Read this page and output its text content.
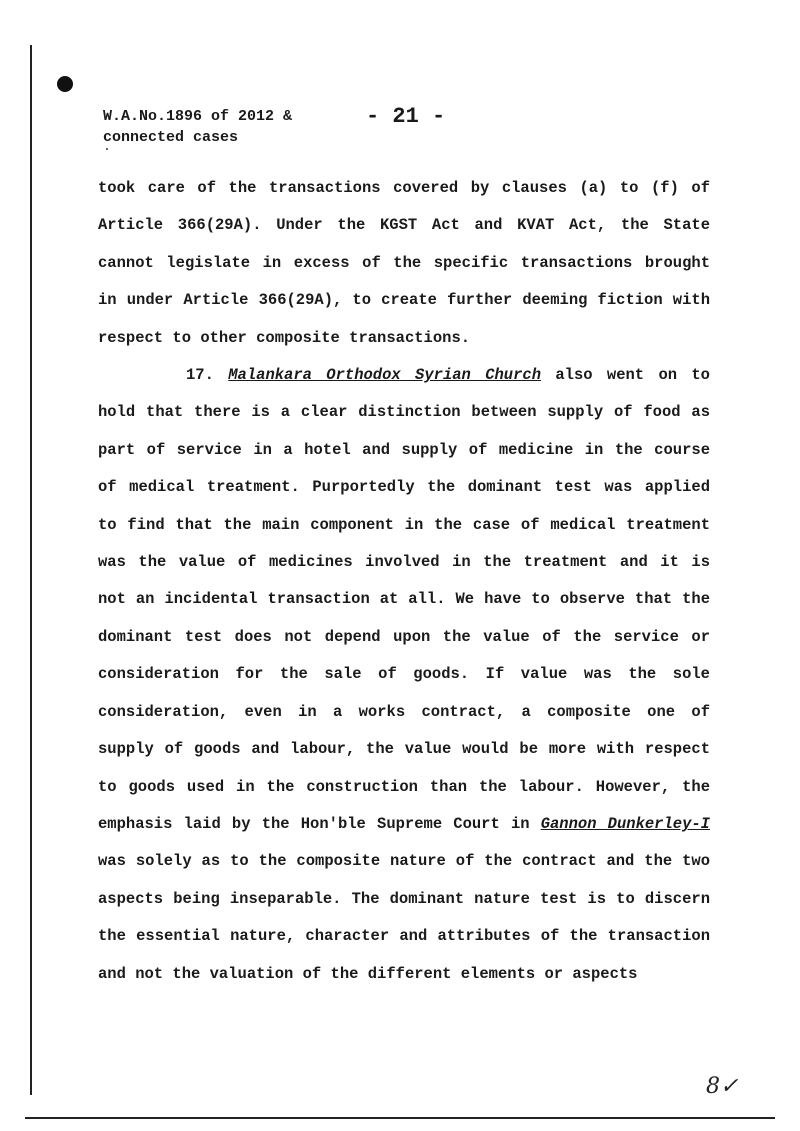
W.A.No.1896 of 2012 &
connected cases
- 21 -

took care of the transactions covered by clauses (a) to (f) of Article 366(29A). Under the KGST Act and KVAT Act, the State cannot legislate in excess of the specific transactions brought in under Article 366(29A), to create further deeming fiction with respect to other composite transactions.

17. Malankara Orthodox Syrian Church also went on to hold that there is a clear distinction between supply of food as part of service in a hotel and supply of medicine in the course of medical treatment. Purportedly the dominant test was applied to find that the main component in the case of medical treatment was the value of medicines involved in the treatment and it is not an incidental transaction at all. We have to observe that the dominant test does not depend upon the value of the service or consideration for the sale of goods. If value was the sole consideration, even in a works contract, a composite one of supply of goods and labour, the value would be more with respect to goods used in the construction than the labour. However, the emphasis laid by the Hon'ble Supreme Court in Gannon Dunkerley-I was solely as to the composite nature of the contract and the two aspects being inseparable. The dominant nature test is to discern the essential nature, character and attributes of the transaction and not the valuation of the different elements or aspects

8✓
